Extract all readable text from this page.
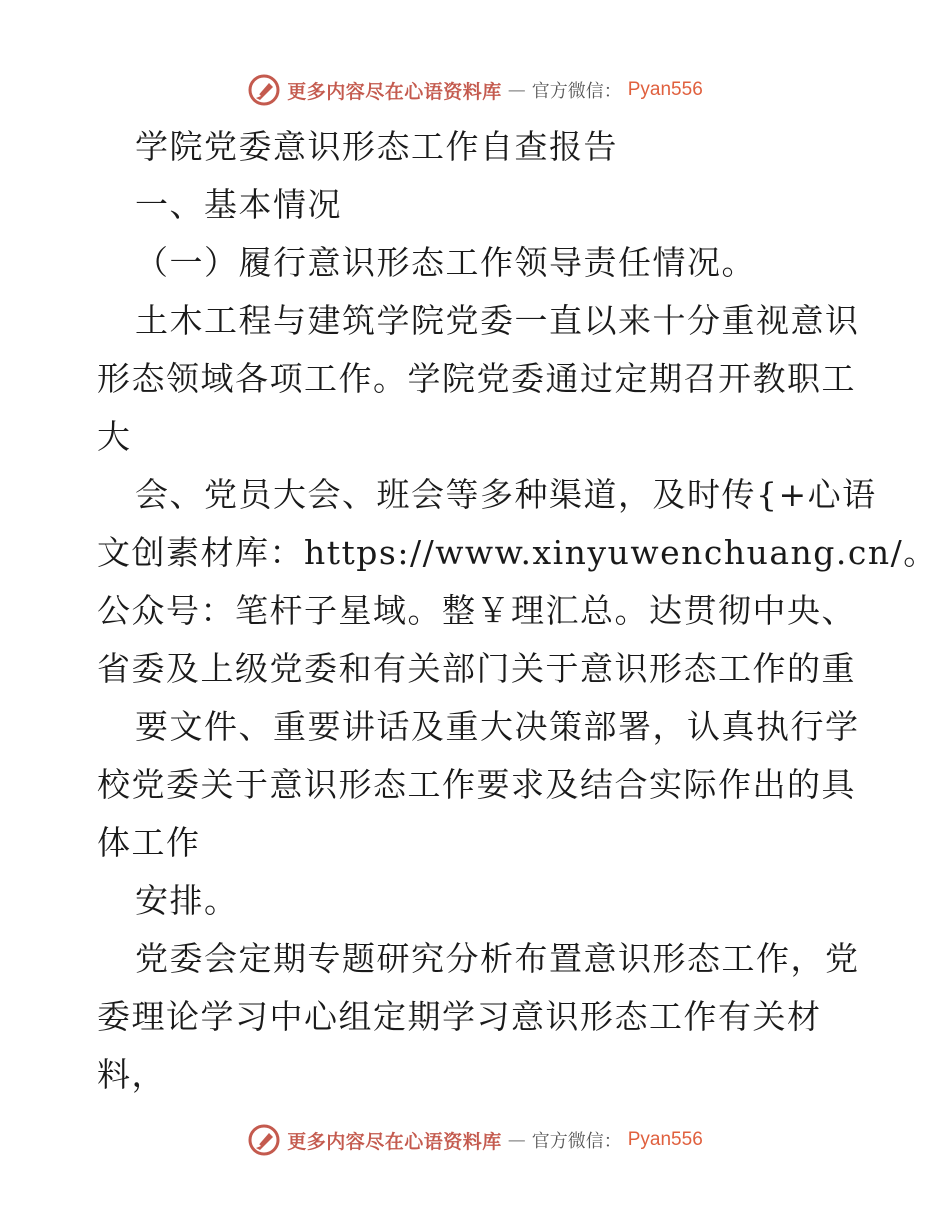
更多内容尽在心语资料库 — 官方微信： Pyan556
学院党委意识形态工作自查报告
一、基本情况
（一）履行意识形态工作领导责任情况。
土木工程与建筑学院党委一直以来十分重视意识
形态领域各项工作。学院党委通过定期召开教职工
大
会、党员大会、班会等多种渠道，及时传{+心语
文创素材库：https://www.xinyuwenchuang.cn/。
公众号：笔杆子星域。整￥理汇总。达贯彻中央、
省委及上级党委和有关部门关于意识形态工作的重
要文件、重要讲话及重大决策部署，认真执行学
校党委关于意识形态工作要求及结合实际作出的具
体工作
安排。
党委会定期专题研究分析布置意识形态工作，党
委理论学习中心组定期学习意识形态工作有关材
料，
更多内容尽在心语资料库 — 官方微信： Pyan556
